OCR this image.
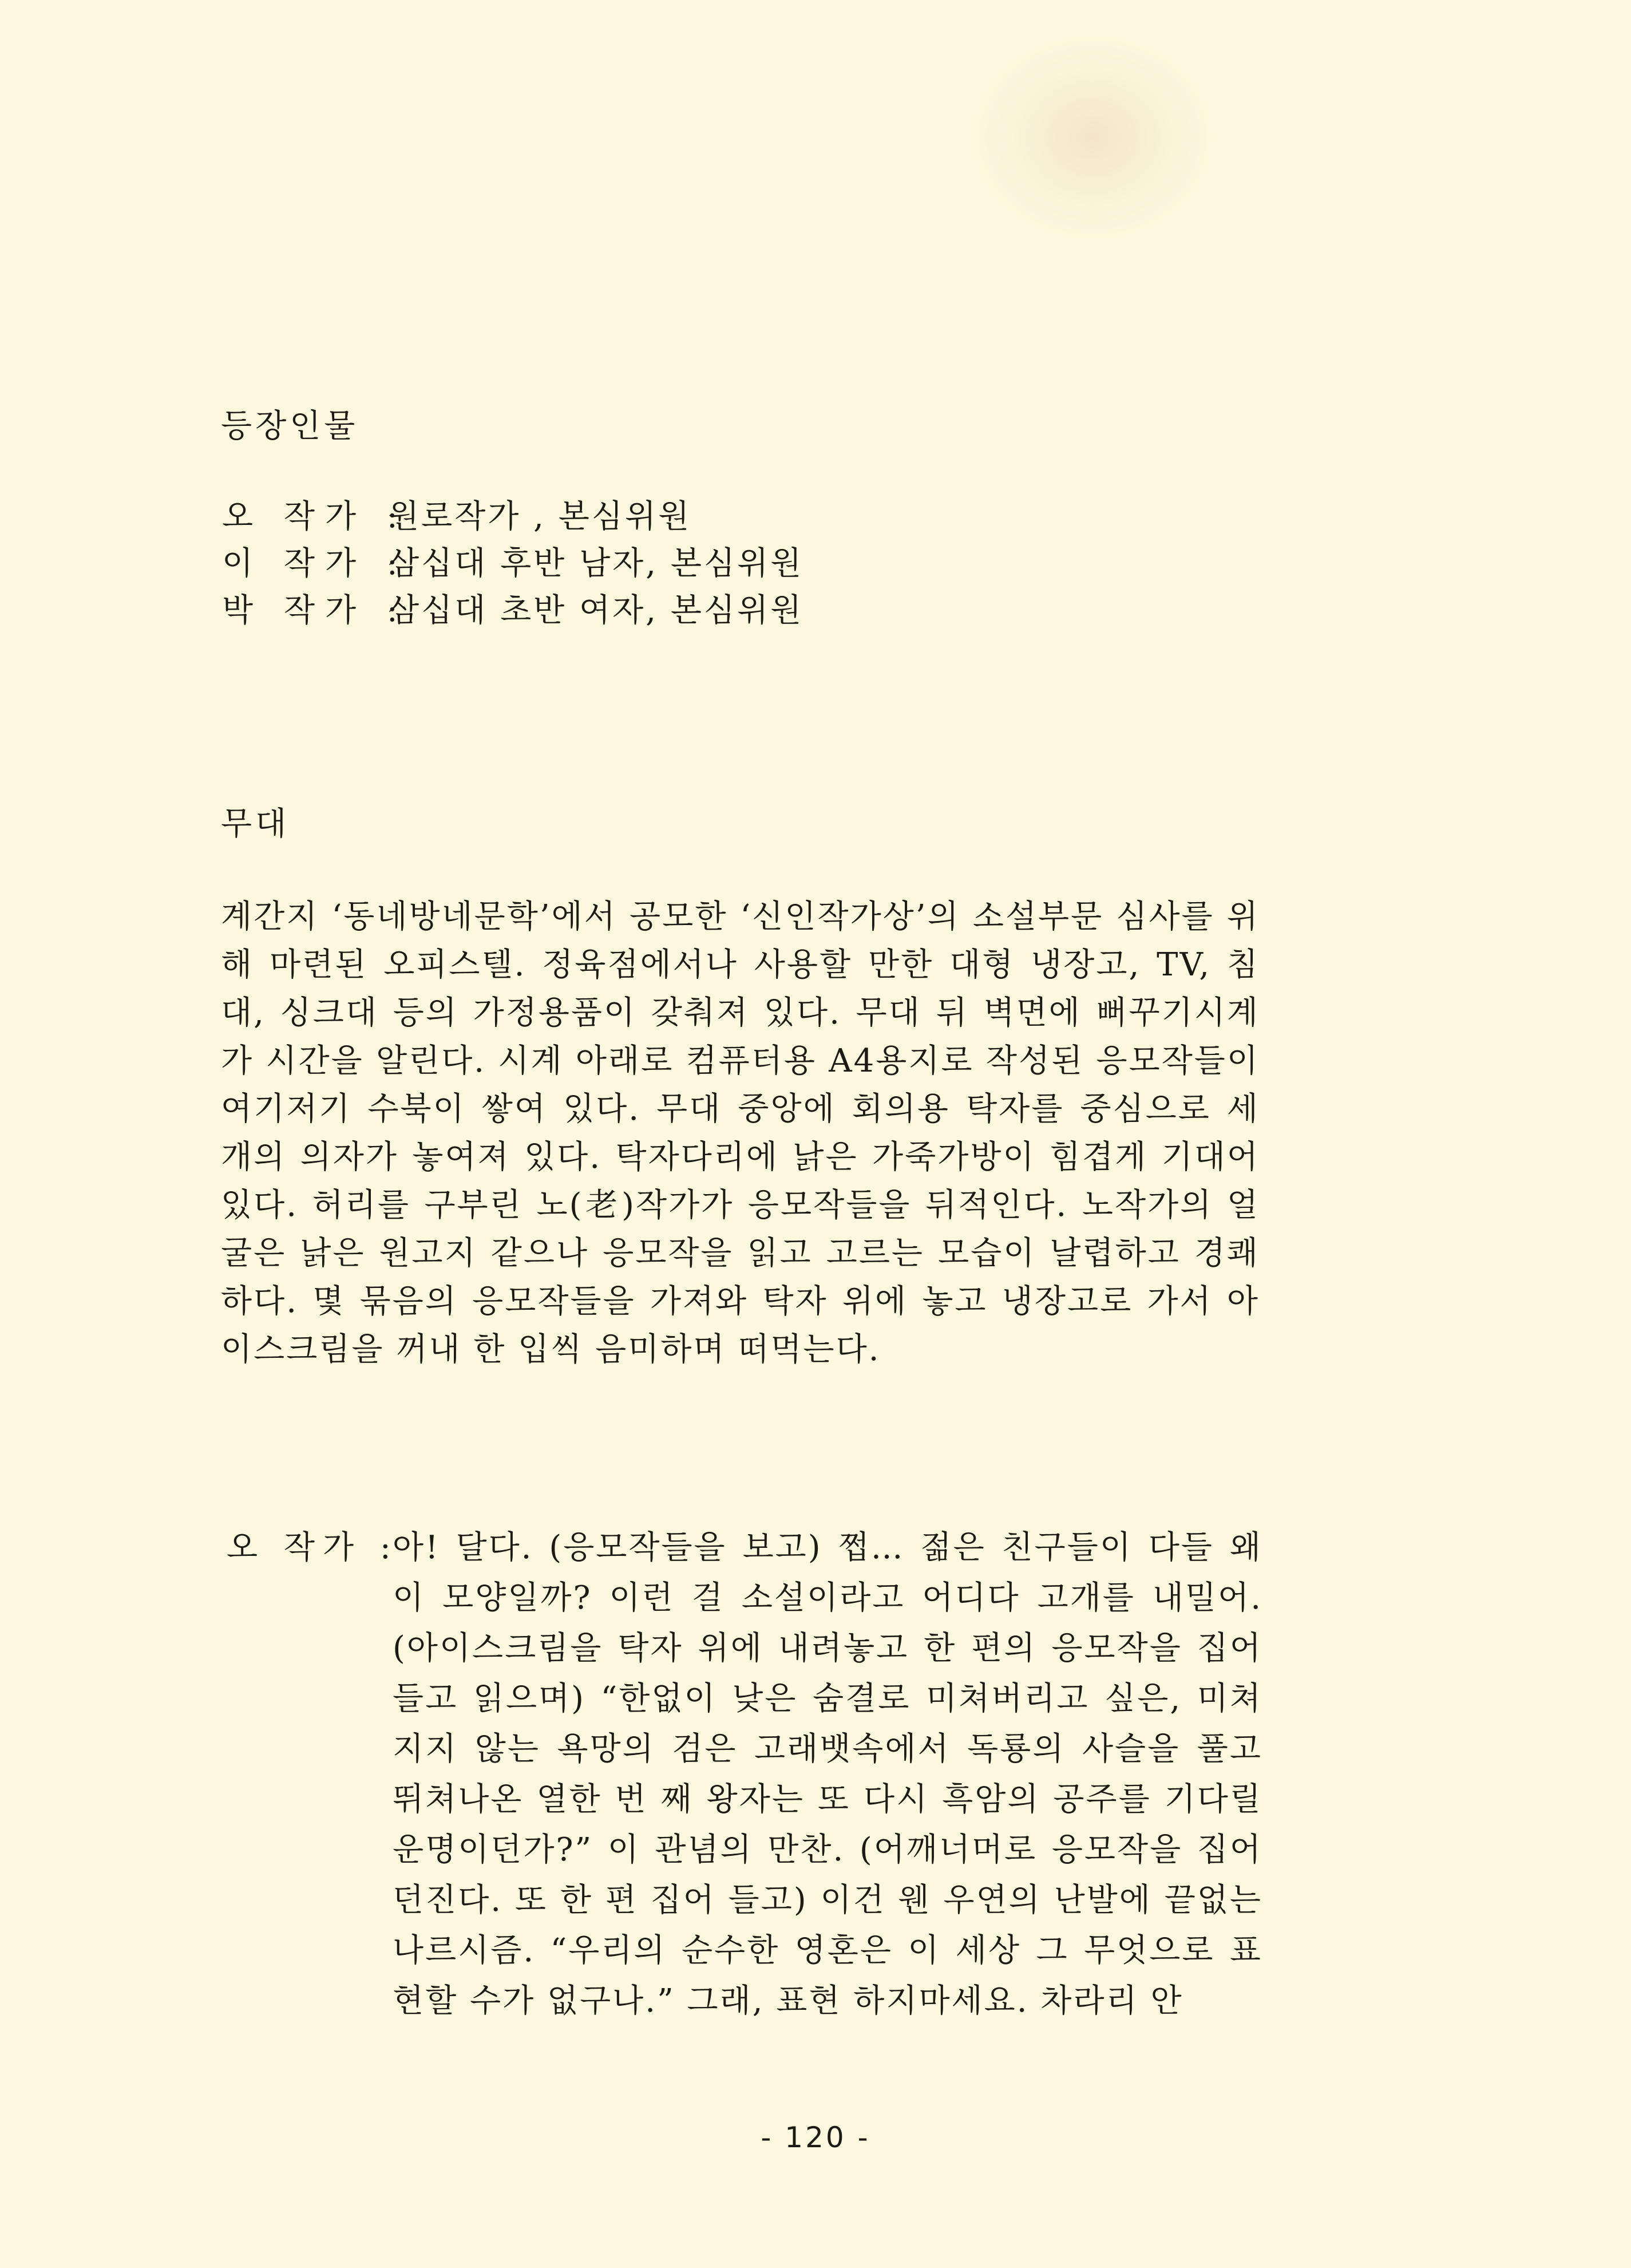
등장인물
오 작가 :
원로작가 , 본심위원
이 작가 :
삼십대 후반 남자, 본심위원
박 작가 :
삼십대 초반 여자, 본심위원
무대

계간지 ‘동네방네문학’에서 공모한 ‘신인작가상’의 소설부문 심사를 위해 마련된 오피스텔. 정육점에서나 사용할 만한 대형 냉장고, TV, 침대, 싱크대 등의 가정용품이 갖춰져 있다. 무대 뒤 벽면에 뻐꾸기시계가 시간을 알린다. 시계 아래로 컴퓨터용 A4용지로 작성된 응모작들이 여기저기 수북이 쌓여 있다. 무대 중앙에 회의용 탁자를 중심으로 세 개의 의자가 놓여져 있다. 탁자다리에 낡은 가죽가방이 힘겹게 기대어 있다. 허리를 구부린 노(老)작가가 응모작들을 뒤적인다. 노작가의 얼굴은 낡은 원고지 같으나 응모작을 읽고 고르는 모습이 날렵하고 경쾌하다. 몇 묶음의 응모작들을 가져와 탁자 위에 놓고 냉장고로 가서 아이스크림을 꺼내 한 입씩 음미하며 떠먹는다.

오 작가 :

아! 달다. (응모작들을 보고) 쩝… 젊은 친구들이 다들 왜 이 모양일까? 이런 걸 소설이라고 어디다 고개를 내밀어. (아이스크림을 탁자 위에 내려놓고 한 편의 응모작을 집어 들고 읽으며) “한없이 낮은 숨결로 미쳐버리고 싶은, 미쳐지지 않는 욕망의 검은 고래뱃속에서 독룡의 사슬을 풀고 뛰쳐나온 열한 번 째 왕자는 또 다시 흑암의 공주를 기다릴 운명이던가?” 이 관념의 만찬. (어깨너머로 응모작을 집어던진다. 또 한 편 집어 들고) 이건 웬 우연의 난발에 끝없는 나르시즘. “우리의 순수한 영혼은 이 세상 그 무엇으로 표현할 수가 없구나.” 그래, 표현 하지마세요. 차라리 안

- 120 -
